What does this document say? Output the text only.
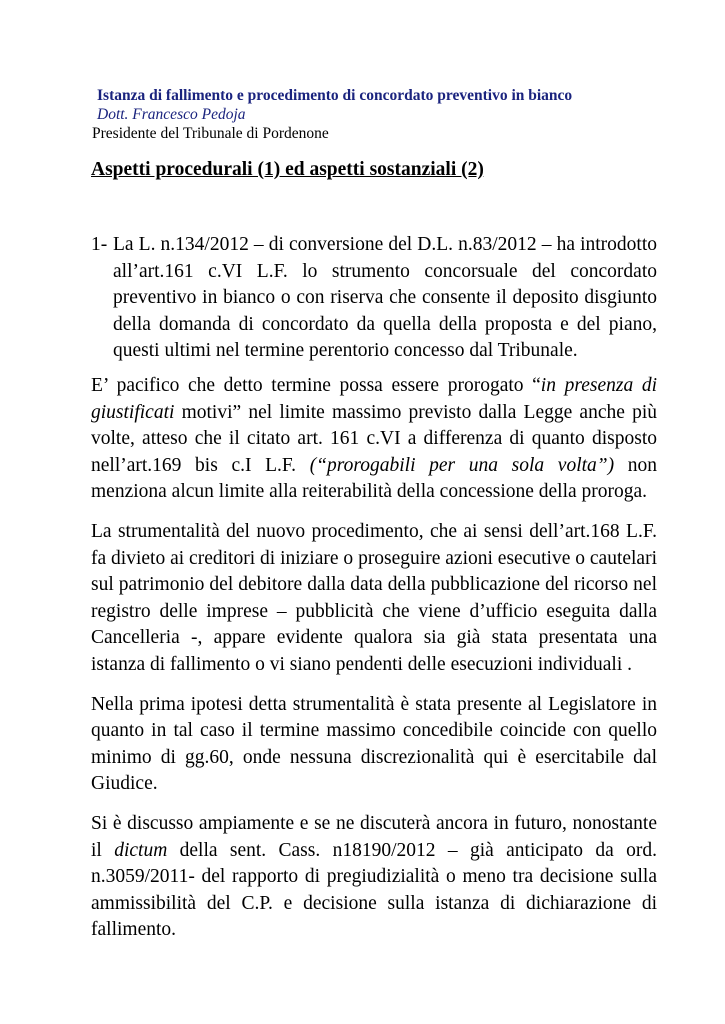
Istanza di fallimento e procedimento di concordato preventivo in bianco
Dott. Francesco Pedoja
Presidente del Tribunale di Pordenone
Aspetti procedurali (1) ed aspetti sostanziali (2)

1- La L. n.134/2012 – di conversione del D.L. n.83/2012 – ha introdotto all’art.161 c.VI L.F. lo strumento concorsuale del concordato preventivo in bianco o con riserva che consente il deposito disgiunto della domanda di concordato da quella della proposta e del piano, questi ultimi nel termine perentorio concesso dal Tribunale.

E’ pacifico che detto termine possa essere prorogato “in presenza di giustificati motivi” nel limite massimo previsto dalla Legge anche più volte, atteso che il citato art. 161 c.VI a differenza di quanto disposto nell’art.169 bis c.I L.F. (“prorogabili per una sola volta”) non menziona alcun limite alla reiterabilità della concessione della proroga.

La strumentalità del nuovo procedimento, che ai sensi dell’art.168 L.F. fa divieto ai creditori di iniziare o proseguire azioni esecutive o cautelari sul patrimonio del debitore dalla data della pubblicazione del ricorso nel registro delle imprese – pubblicità che viene d’ufficio eseguita dalla Cancelleria -, appare evidente qualora sia già stata presentata una istanza di fallimento o vi siano pendenti delle esecuzioni individuali .

Nella prima ipotesi detta strumentalità è stata presente al Legislatore in quanto in tal caso il termine massimo concedibile coincide con quello minimo di gg.60, onde nessuna discrezionalità qui è esercitabile dal Giudice.

Si è discusso ampiamente e se ne discuterà ancora in futuro, nonostante il dictum della sent. Cass. n18190/2012 – già anticipato da ord. n.3059/2011- del rapporto di pregiudizialità o meno tra decisione sulla ammissibilità del C.P. e decisione sulla istanza di dichiarazione di fallimento.
